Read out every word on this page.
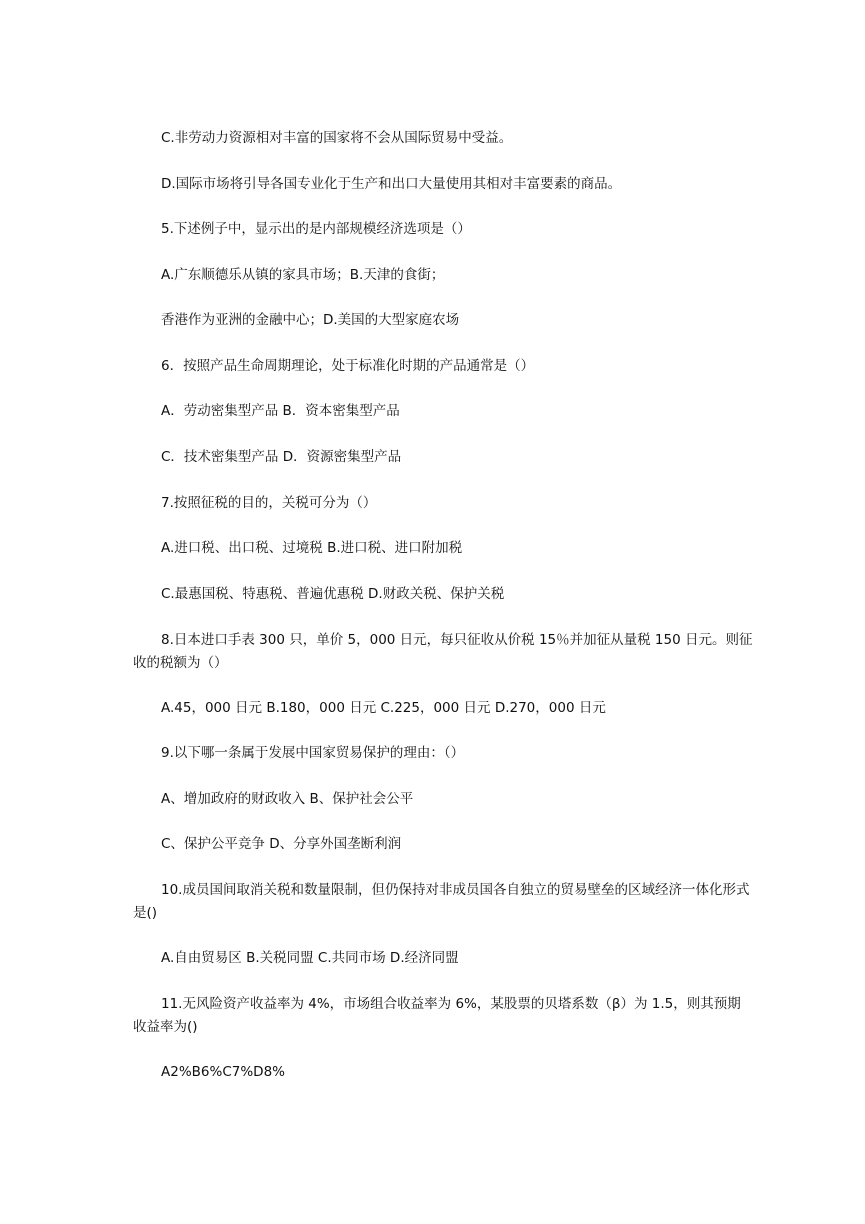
C.非劳动力资源相对丰富的国家将不会从国际贸易中受益。

D.国际市场将引导各国专业化于生产和出口大量使用其相对丰富要素的商品。

5.下述例子中，显示出的是内部规模经济选项是（）

A.广东顺德乐从镇的家具市场；B.天津的食街；

香港作为亚洲的金融中心；D.美国的大型家庭农场

6．按照产品生命周期理论，处于标准化时期的产品通常是（）

A．劳动密集型产品 B．资本密集型产品

C．技术密集型产品 D．资源密集型产品

7.按照征税的目的，关税可分为（）

A.进口税、出口税、过境税 B.进口税、进口附加税

C.最惠国税、特惠税、普遍优惠税 D.财政关税、保护关税

8.日本进口手表 300 只，单价 5，000 日元，每只征收从价税 15％并加征从量税 150 日元。则征收的税额为（）

A.45，000 日元 B.180，000 日元 C.225，000 日元 D.270，000 日元

9.以下哪一条属于发展中国家贸易保护的理由：（）

A、增加政府的财政收入 B、保护社会公平

C、保护公平竞争 D、分享外国垄断利润

10.成员国间取消关税和数量限制，但仍保持对非成员国各自独立的贸易壁垒的区域经济一体化形式是()

A.自由贸易区 B.关税同盟 C.共同市场 D.经济同盟

11.无风险资产收益率为 4%，市场组合收益率为 6%，某股票的贝塔系数（β）为 1.5，则其预期收益率为()

A2%B6%C7%D8%
